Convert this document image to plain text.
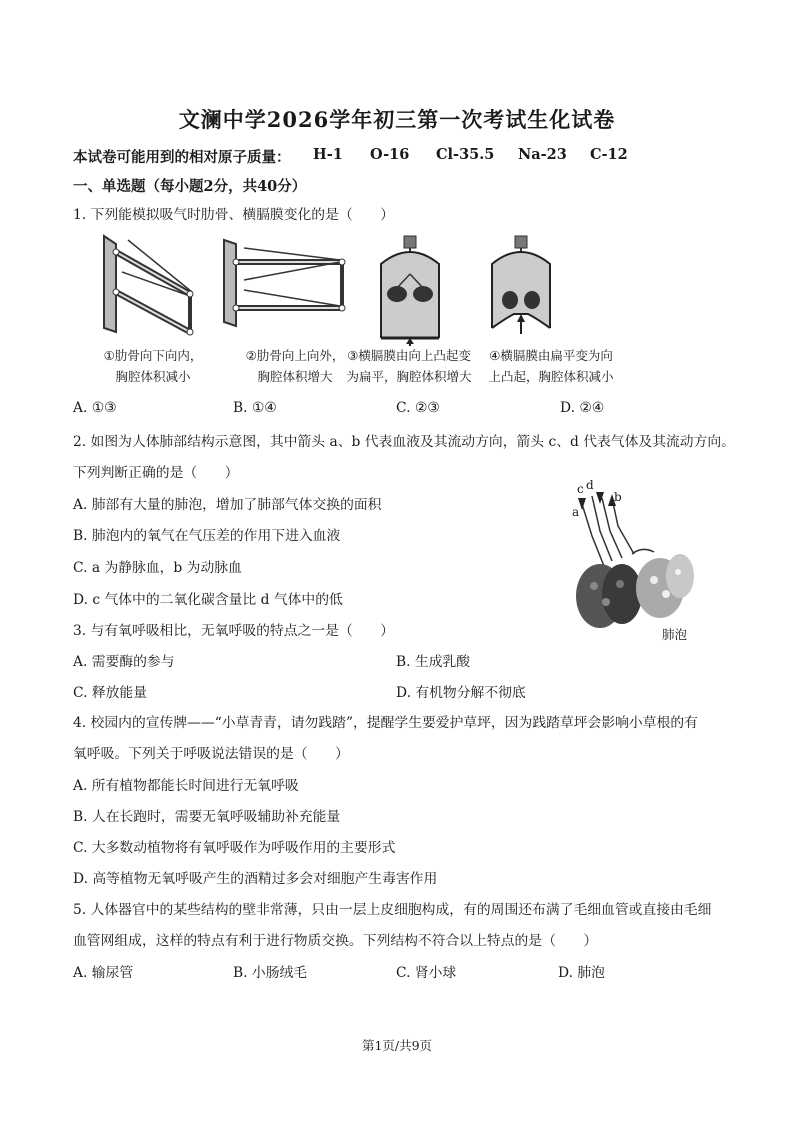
文澜中学2026学年初三第一次考试生化试卷
本试卷可能用到的相对原子质量： H-1 O-16 Cl-35.5 Na-23 C-12
一、单选题（每小题2分，共40分）
1. 下列能模拟吸气时肋骨、横膈膜变化的是（　　）
①肋骨向下向内，
胸腔体积减小
②肋骨向上向外，
胸腔体积增大
③横膈膜由向上凸起变
为扁平，胸腔体积增大
④横膈膜由扁平变为向
上凸起，胸腔体积减小
A. ①③	B. ①④	C. ②③	D. ②④
2. 如图为人体肺部结构示意图，其中箭头 a、b 代表血液及其流动方向，箭头 c、d 代表气体及其流动方向。
下列判断正确的是（　　）
A. 肺部有大量的肺泡，增加了肺部气体交换的面积
B. 肺泡内的氧气在气压差的作用下进入血液
C. a 为静脉血，b 为动脉血
D. c 气体中的二氧化碳含量比 d 气体中的低
c d
a
b
肺泡
3. 与有氧呼吸相比，无氧呼吸的特点之一是（　　）
A. 需要酶的参与	B. 生成乳酸
C. 释放能量	D. 有机物分解不彻底
4. 校园内的宣传牌——“小草青青，请勿践踏”，提醒学生要爱护草坪，因为践踏草坪会影响小草根的有
氧呼吸。下列关于呼吸说法错误的是（　　）
A. 所有植物都能长时间进行无氧呼吸
B. 人在长跑时，需要无氧呼吸辅助补充能量
C. 大多数动植物将有氧呼吸作为呼吸作用的主要形式
D. 高等植物无氧呼吸产生的酒精过多会对细胞产生毒害作用
5. 人体器官中的某些结构的壁非常薄，只由一层上皮细胞构成，有的周围还布满了毛细血管或直接由毛细
血管网组成，这样的特点有利于进行物质交换。下列结构不符合以上特点的是（　　）
A. 输尿管	B. 小肠绒毛	C. 肾小球	D. 肺泡
第1页/共9页
